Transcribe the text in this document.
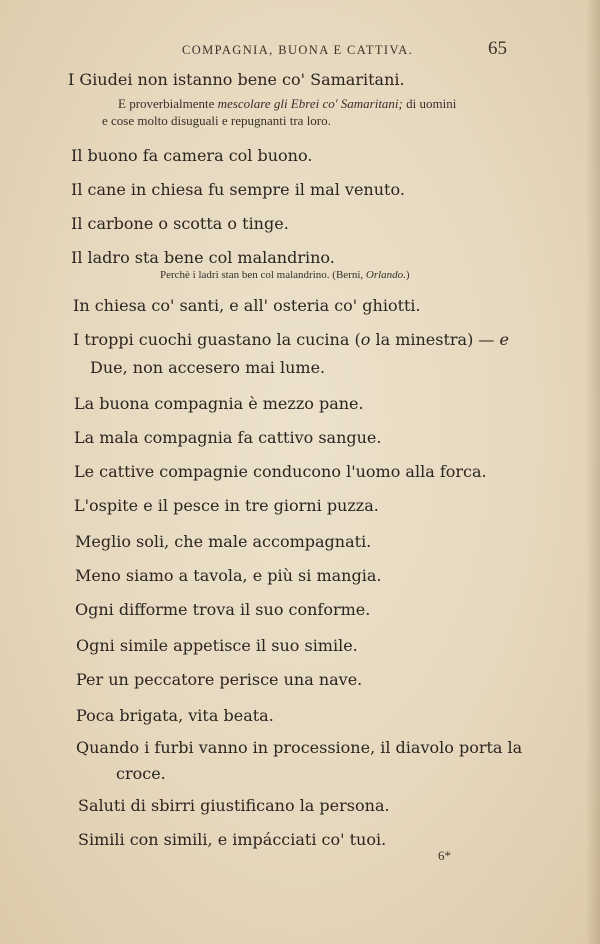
COMPAGNIA, BUONA E CATTIVA.	65
I Giudei non istanno bene co' Samaritani.
E proverbialmente mescolare gli Ebrei co' Samaritani; di uomini
e cose molto disuguali e repugnanti tra loro.
Il buono fa camera col buono.
Il cane in chiesa fu sempre il mal venuto.
Il carbone o scotta o tinge.
Il ladro sta bene col malandrino.
Perchè i ladri stan ben col malandrino. (Berni, Orlando.)
In chiesa co' santi, e all' osteria co' ghiotti.
I troppi cuochi guastano la cucina (o la minestra) — e
Due, non accesero mai lume.
La buona compagnia è mezzo pane.
La mala compagnia fa cattivo sangue.
Le cattive compagnie conducono l'uomo alla forca.
L'ospite e il pesce in tre giorni puzza.
Meglio soli, che male accompagnati.
Meno siamo a tavola, e più si mangia.
Ogni difforme trova il suo conforme.
Ogni simile appetisce il suo simile.
Per un peccatore perisce una nave.
Poca brigata, vita beata.
Quando i furbi vanno in processione, il diavolo porta la
croce.
Saluti di sbirri giustificano la persona.
Simili con simili, e impácciati co' tuoi.
6*
